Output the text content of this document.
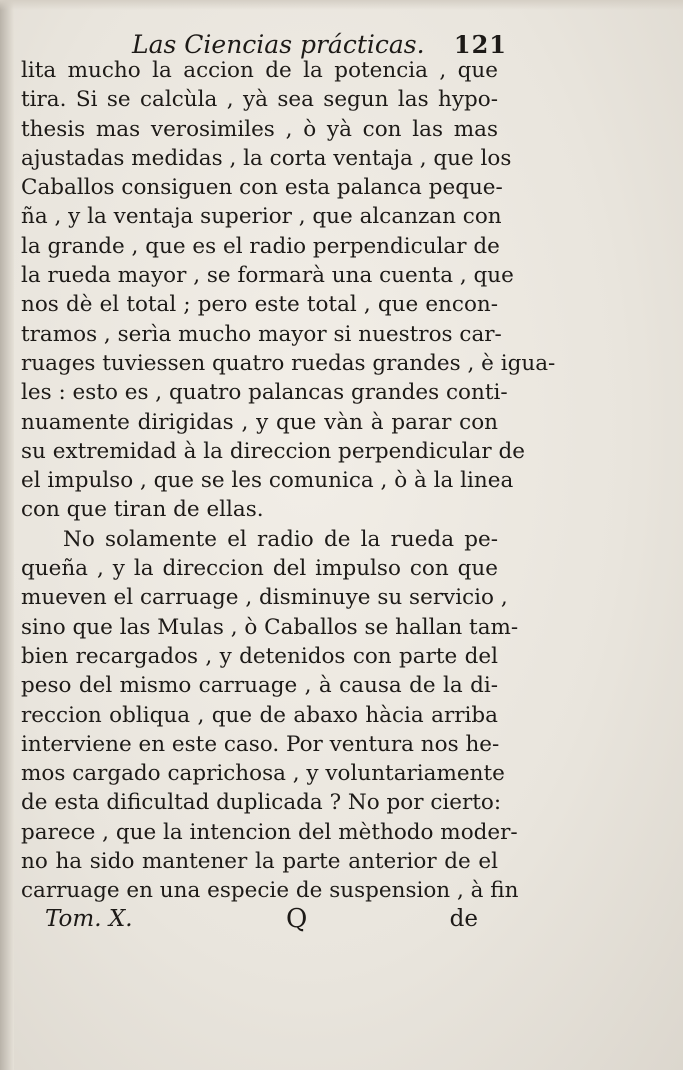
Las Ciencias prácticas. 121
lita mucho la accion de la potencia , que
tira. Si se calcùla , yà sea segun las hypo-
thesis mas verosimiles , ò yà con las mas
ajustadas medidas , la corta ventaja , que los
Caballos consiguen con esta palanca peque-
ña , y la ventaja superior , que alcanzan con
la grande , que es el radio perpendicular de
la rueda mayor , se formarà una cuenta , que
nos dè el total ; pero este total , que encon-
tramos , serìa mucho mayor si nuestros car-
ruages tuviessen quatro ruedas grandes , è igua-
les : esto es , quatro palancas grandes conti-
nuamente dirigidas , y que vàn à parar con
su extremidad à la direccion perpendicular de
el impulso , que se les comunica , ò à la linea
con que tiran de ellas.
No solamente el radio de la rueda pe-
queña , y la direccion del impulso con que
mueven el carruage , disminuye su servicio ,
sino que las Mulas , ò Caballos se hallan tam-
bien recargados , y detenidos con parte del
peso del mismo carruage , à causa de la di-
reccion obliqua , que de abaxo hàcia arriba
interviene en este caso. Por ventura nos he-
mos cargado caprichosa , y voluntariamente
de esta dificultad duplicada ? No por cierto:
parece , que la intencion del mèthodo moder-
no ha sido mantener la parte anterior de el
carruage en una especie de suspension , à fin
Tom. X.	Q	de
